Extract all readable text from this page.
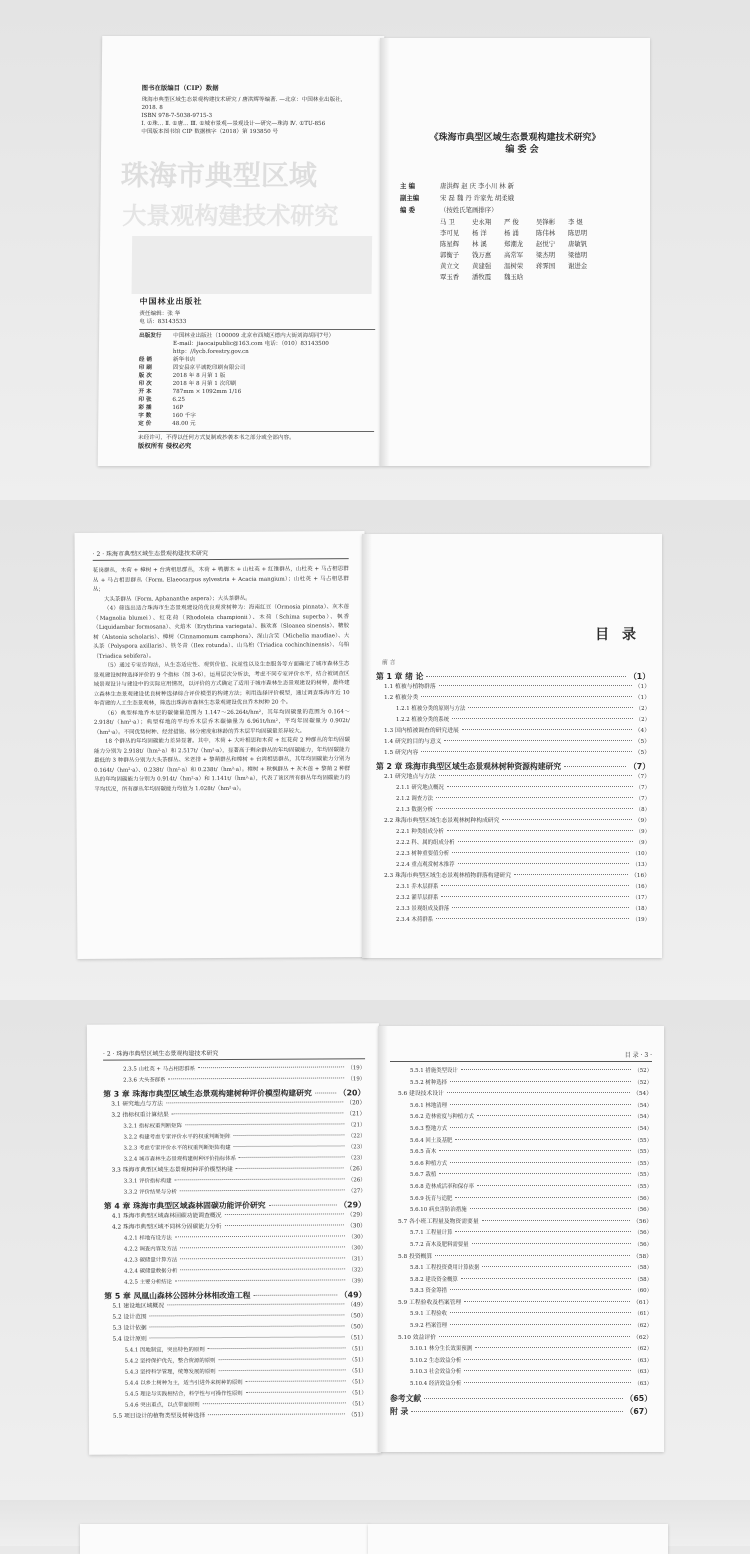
珠海市典型区域
大景观构建技术研究
图书在版编目（CIP）数据
珠海市典型区域生态景观构建技术研究 / 唐洪辉等编著. —北京：中国林业出版社,
2018. 8
ISBN 978-7-5038-9715-3
Ⅰ. ①珠… Ⅱ. ①唐… Ⅲ. ①城市景观—景观设计—研究—珠海 Ⅳ. ①TU-856
中国版本图书馆 CIP 数据核字（2018）第 193850 号
中国林业出版社
责任编辑：张 华
电 话：83143533
出版发行	中国林业出版社（100009 北京市西城区德内大街刘海胡同7号）
E-mail：jiaocaipublic@163.com 电话：（010）83143500
http：//lycb.forestry.gov.cn
经 销	新华书店
印 刷	固安县京平诚乾印刷有限公司
版 次	2018 年 8 月第 1 版
印 次	2018 年 8 月第 1 次印刷
开 本	787mm × 1092mm 1/16
印 张	6.25
彩 插	16P
字 数	160 千字
定 价	48.00 元
未经许可，不得以任何方式复制或抄袭本书之部分或全部内容。
版权所有 侵权必究
《珠海市典型区域生态景观构建技术研究》
编 委 会
主 编	唐洪辉 赵 庆 李小川 林 新
副主编	宋 磊 魏 丹 许家先 胡柔娥
编 委	（按姓氏笔画排序）
马 卫	史永翔 严 俊	吴锋彬 李 煜
李可见 杨 洋	杨 涌	陈伟林 陈思明
陈星辉 林 溪	郑潮龙 赵悦宁 唐敏钒
郭衡子 钱万惠 高常军 梁杰明 梁德明
黄立文 黄建强 温树荣 蒋霁国 谢进金
覃玉香 潘牧霞 魏玉晗
· 2 · 珠海市典型区域生态景观构建技术研究

花岗群丛，木荷 + 樟树 + 台湾相思群丛，木荷 + 鸭脚木 + 山杜英 + 红锥群丛，山杜英 + 马占相思群丛 + 马占相思群丛（Form. Elaeocarpus sylvestris + Acacia mangium）；山杜英 + 马占相思群丛；

大头茶群丛（Form. Aphananthe aspera）；大头茶群丛。

（4）筛选出适合珠海市生态景观建设的优良观赏树种为：海南红豆（Ormosia pinnata）、灰木莲（Magnolia blumei）、红花荷（Rhodoleia championii）、木荷（Schima superba）、枫香（Liquidambar formosana）、火焰木（Erythrina variegata）、猴欢喜（Sloanea sinensis）、糖胶树（Alstonia scholaris）、樟树（Cinnamomum camphora）、深山含笑（Michelia maudiae）、大头茶（Polyspora axillaris）、铁冬青（Ilex rotunda）、山乌桕（Triadica cochinchinensis）、乌桕（Triadica sebifera）。

（5）通过专家咨询法，从生态适应性、观赏价值、抗逆性以及生态服务等方面确定了城市森林生态景观建设树种选择评价的 9 个指标（图 3-6），运用层次分析法，考虑不同专家评价水平，结合被调查区域景观设计与建设中的实际应用情况，以评价的方式确定了适用于城市森林生态景观建设的树种，最终建立森林生态景观建设优良树种选择综合评价模型的构建方法；利用选择评价模型，通过调查珠海市近 10 年营建的人工生态景观林，筛选出珠海市森林生态景观建设优良乔木树种 20 个。

（6）典型样地乔木层的碳储量范围为 1.147～26.264t/hm²，其年均固碳量的范围为 0.164～2.918t/（hm²·a）；典型样地的平均乔木层乔木碳储量为 6.961t/hm²，平均年固碳量为 0.902t/（hm²·a）。不同优势树种、经营措施、林分密度和林龄的乔木层平均固碳量差异较大。

18 个群丛的年均固碳能力差异显著。其中，木荷 + 大叶相思和木荷 + 红花荷 2 种群丛的年均固碳能力分别为 2.918t/（hm²·a）和 2.517t/（hm²·a），显著高于剩余群丛的年均固碳能力，年均固碳能力最低的 3 种群丛分别为大头茶群丛、米老排 + 黎蒴群丛和樟树 + 台湾相思群丛，其年均固碳能力分别为 0.164t/（hm²·a）、0.238t/（hm²·a）和 0.238t/（hm²·a）。樟树 + 秋枫群丛 + 灰木莲 + 黎蒴 2 种群丛的年均固碳能力分别为 0.914t/（hm²·a）和 1.141t/（hm²·a），代表了该区所有群丛年均固碳能力的平均状况，所有群丛年均固碳能力均值为 1.028t/（hm²·a）。

目 录
前 言
第 1 章 绪 论	（1）
1.1 植被与植物群落	（1）
1.2 植被分类	（1）
1.2.1 植被分类的原则与方法	（2）
1.2.2 植被分类的系统	（2）
1.3 国内植被调查的研究进展	（4）
1.4 研究的目的与意义	（5）
1.5 研究内容	（5）
第 2 章 珠海市典型区域生态景观林树种资源构建研究	（7）
2.1 研究地点与方法	（7）
2.1.1 研究地点概况	（7）
2.1.2 调查方法	（7）
2.1.3 数据分析	（8）
2.2 珠海市典型区域生态景观林树种构成研究	（9）
2.2.1 种类组成分析	（9）
2.2.2 科、属的组成分析	（9）
2.2.3 树种重要值分析	（10）
2.2.4 重点观赏树木推荐	（13）
2.3 珠海市典型区域生态景观林植物群落构建研究	（16）
2.3.1 乔木层群系	（16）
2.3.2 灌草层群系	（17）
2.3.3 景观组成及群落	（18）
2.3.4 木荷群系	（19）
· 2 · 珠海市典型区域生态景观构建技术研究
2.3.5 山杜英 + 马占相思群系	（19）
2.3.6 大头茶群系	（19）
第 3 章 珠海市典型区域生态景观构建树种评价模型构建研究	（20）
3.1 研究地点与方法	（20）
3.2 指标权重计算结果	（21）
3.2.1 指标权重判断矩阵	（21）
3.2.2 构建考虑专家评价水平的权重判断矩阵	（22）
3.2.3 考虑专家评价水平的权重判断矩阵构建	（23）
3.2.4 城市森林生态景观构建树种评价指标体系	（23）
3.3 珠海市典型区域生态景观树种评价模型构建	（26）
3.3.1 评价指标构建	（26）
3.3.2 评价结果与分析	（27）
第 4 章 珠海市典型区域森林固碳功能评价研究	（29）
4.1 珠海市典型区域森林固碳功能调查概况	（29）
4.2 珠海市典型区域不同林分固碳能力分析	（30）
4.2.1 样地布设方法	（30）
4.2.2 调查内容及方法	（30）
4.2.3 碳储量计算方法	（31）
4.2.4 碳储量数据分析	（32）
4.2.5 主要分析结论	（39）
第 5 章 凤凰山森林公园林分林相改造工程	（49）
5.1 建设地区域概况	（49）
5.2 设计范围	（50）
5.3 设计依据	（50）
5.4 设计原则	（51）
5.4.1 因地制宜，突出特色的原则	（51）
5.4.2 坚持保护优先，整合资源的原则	（51）
5.4.3 坚持科学管理，统筹发展的原则	（51）
5.4.4 以乡土树种为主，适当引进外来树种的原则	（51）
5.4.5 理论与实践相结合，科学性与可操作性原则	（51）
5.4.6 突出重点，以点带面原则	（51）
5.5 项目设计的植物类型及树种选择	（51）
目 录 · 3 ·
5.5.1 措施类型设计	（52）
5.5.2 树种选择	（52）
5.6 建设技术设计	（54）
5.6.1 林地清理	（54）
5.6.2 造林密度与种植方式	（54）
5.6.3 整地方式	（54）
5.6.4 回土及基肥	（55）
5.6.5 苗木	（55）
5.6.6 种植方式	（55）
5.6.7 栽植	（55）
5.6.8 造林成活率和保存率	（55）
5.6.9 抚育与追肥	（56）
5.6.10 病虫害防治措施	（56）
5.7 各小班工程量及物资需要量	（56）
5.7.1 工程量计算	（56）
5.7.2 苗木及肥料需要量	（56）
5.8 投资概算	（58）
5.8.1 工程投资费用计算依据	（58）
5.8.2 建设资金概算	（58）
5.8.3 资金筹措	（60）
5.9 工程验收及档案管理	（61）
5.9.1 工程验收	（61）
5.9.2 档案管理	（62）
5.10 效益评价	（62）
5.10.1 林分生长效果预测	（62）
5.10.2 生态效益分析	（63）
5.10.3 社会效益分析	（63）
5.10.4 经济效益分析	（63）
参考文献	（65）
附 录	（67）
